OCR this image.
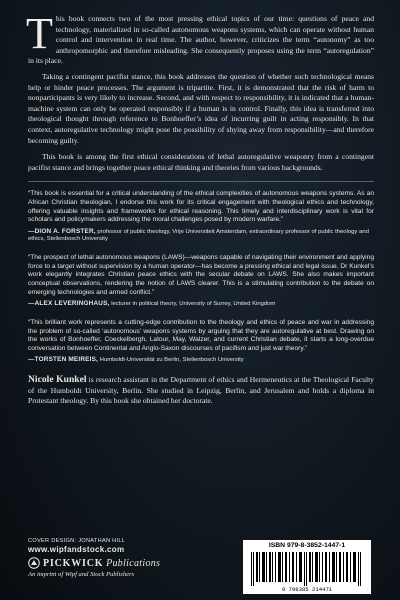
This book connects two of the most pressing ethical topics of our time: questions of peace and technology, materialized in so-called autonomous weapons systems, which can operate without human control and intervention in real time. The author, however, criticizes the term “autonomy” as too anthropomorphic and therefore misleading. She consequently proposes using the term “autoregulation” in its place.

Taking a contingent pacifist stance, this book addresses the question of whether such technological means help or hinder peace processes. The argument is tripartite. First, it is demonstrated that the risk of harm to nonparticipants is very likely to increase. Second, and with respect to responsibility, it is indicated that a human-machine system can only be operated responsibly if a human is in control. Finally, this idea is transferred into theological thought through reference to Bonhoeffer’s idea of incurring guilt in acting responsibly. In that context, autoregulative technology might pose the possibility of shying away from responsibility—and therefore becoming guilty.

This book is among the first ethical considerations of lethal autoregulative weaponry from a contingent pacifist stance and brings together peace ethical thinking and theories from various backgrounds.

“This book is essential for a critical understanding of the ethical complexities of autonomous weapons systems. As an African Christian theologian, I endorse this work for its critical engagement with theological ethics and technology, offering valuable insights and frameworks for ethical reasoning. This timely and interdisciplinary work is vital for scholars and policymakers addressing the moral challenges posed by modern warfare.”

—DION A. FORSTER, professor of public theology, Vrije Universiteit Amsterdam, extraordinary professor of public theology and ethics, Stellenbosch University

“The prospect of lethal autonomous weapons (LAWS)—weapons capable of navigating their environment and applying force to a target without supervision by a human operator—has become a pressing ethical and legal issue. Dr Kunkel’s work elegantly integrates Christian peace ethics with the secular debate on LAWS. She also makes important conceptual observations, rendering the notion of LAWS clearer. This is a stimulating contribution to the debate on emerging technologies and armed conflict.”

—ALEX LEVERINGHAUS, lecturer in political theory, University of Surrey, United Kingdom

“This brilliant work represents a cutting-edge contribution to the theology and ethics of peace and war in addressing the problem of so-called ‘autonomous’ weapons systems by arguing that they are autoregulative at best. Drawing on the works of Bonhoeffer, Coeckelbergh, Latour, May, Walzer, and current Christian debate, it starts a long-overdue conversation between Continental and Anglo-Saxon discourses of pacifism and just war theory.”

—TORSTEN MEIREIS, Humboldt-Universität zu Berlin, Stellenbosch University

Nicole Kunkel is research assistant in the Department of ethics and Hermeneutics at the Theological Faculty of the Humboldt University, Berlin. She studied in Leipzig, Berlin, and Jerusalem and holds a diploma in Protestant theology. By this book she obtained her doctorate.

COVER DESIGN: JONATHAN HILL

www.wipfandstock.com

PICKWICK Publications
An imprint of Wipf and Stock Publishers
ISBN 979-8-3852-1447-1
9 798385 214471
